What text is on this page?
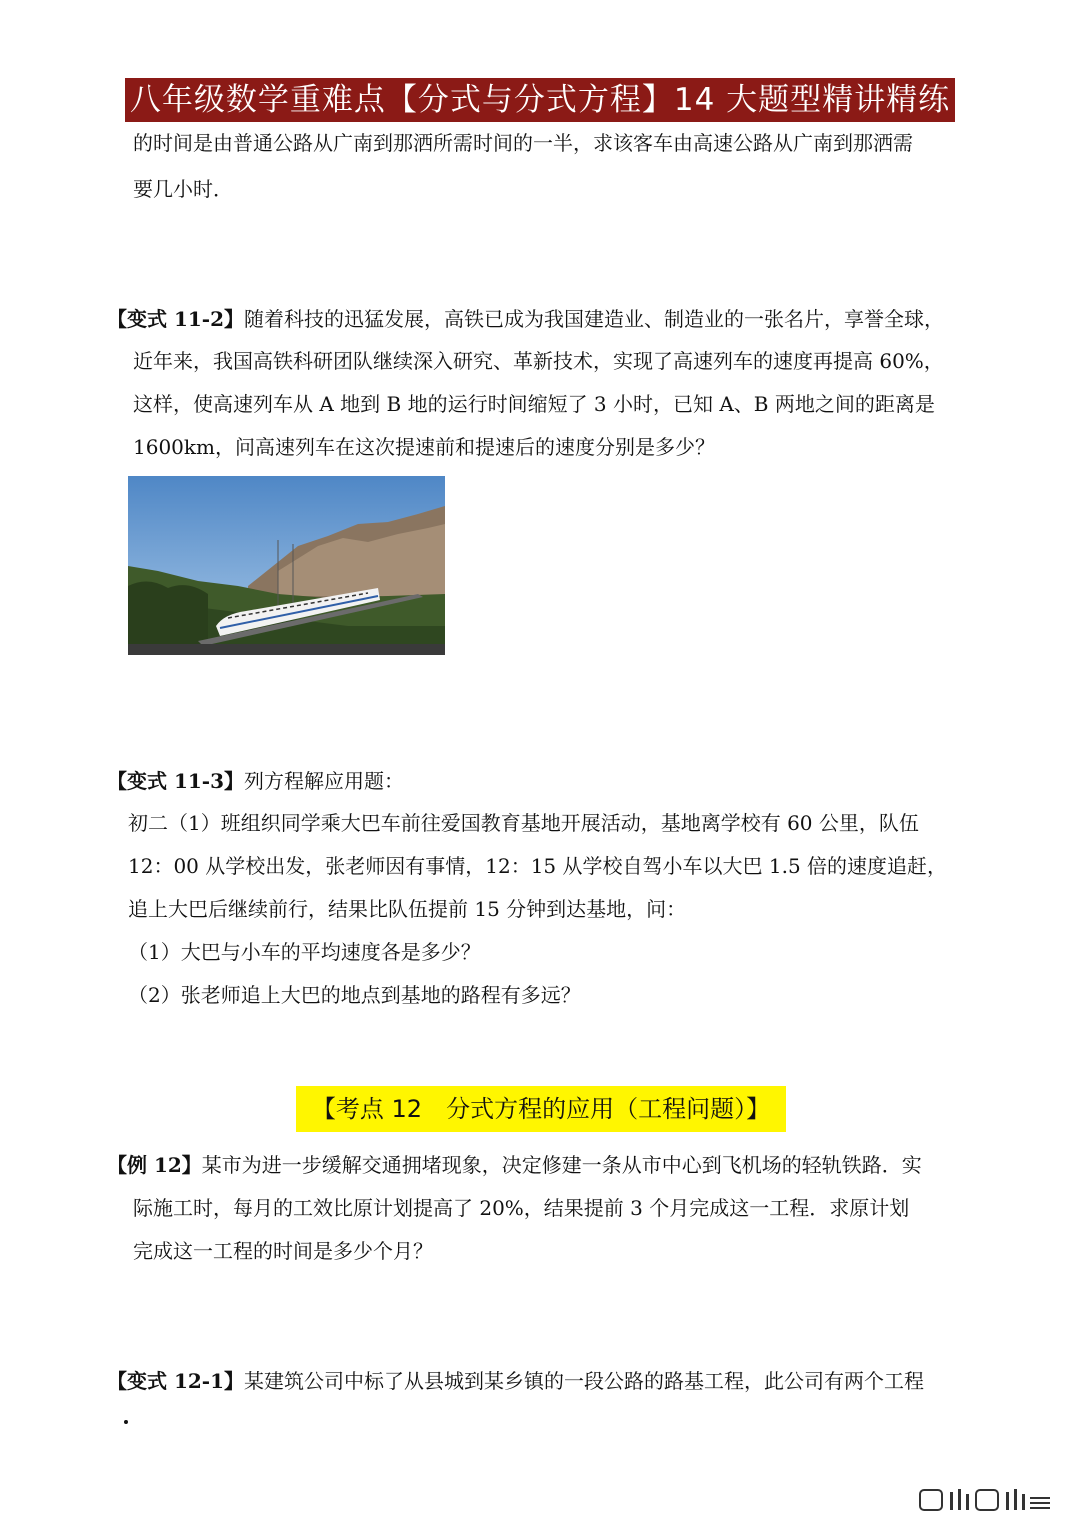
八年级数学重难点【分式与分式方程】14 大题型精讲精练
的时间是由普通公路从广南到那洒所需时间的一半，求该客车由高速公路从广南到那洒需
要几小时．
【变式 11-2】随着科技的迅猛发展，高铁已成为我国建造业、制造业的一张名片，享誉全球，
近年来，我国高铁科研团队继续深入研究、革新技术，实现了高速列车的速度再提高 60%，
这样，使高速列车从 A 地到 B 地的运行时间缩短了 3 小时，已知 A、B 两地之间的距离是
1600km，问高速列车在这次提速前和提速后的速度分别是多少？
【变式 11-3】列方程解应用题：
初二（1）班组织同学乘大巴车前往爱国教育基地开展活动，基地离学校有 60 公里，队伍
12：00 从学校出发，张老师因有事情，12：15 从学校自驾小车以大巴 1.5 倍的速度追赶，
追上大巴后继续前行，结果比队伍提前 15 分钟到达基地，问：
（1）大巴与小车的平均速度各是多少？
（2）张老师追上大巴的地点到基地的路程有多远？
【考点 12　分式方程的应用（工程问题）】
【例 12】某市为进一步缓解交通拥堵现象，决定修建一条从市中心到飞机场的轻轨铁路．实
际施工时，每月的工效比原计划提高了 20%，结果提前 3 个月完成这一工程．求原计划
完成这一工程的时间是多少个月？
【变式 12-1】某建筑公司中标了从县城到某乡镇的一段公路的路基工程，此公司有两个工程
